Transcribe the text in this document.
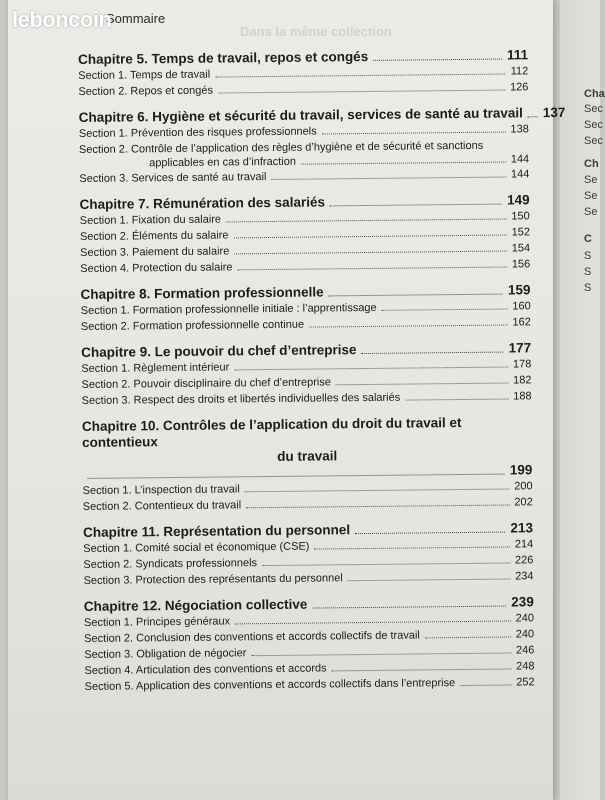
Cha
Sec
Sec
Sec
Ch
Se
Se
Se
C
S
S
S
Dans la même collection
Sommaire
leboncoin
Chapitre 5. Temps de travail, repos et congés	111
Section 1. Temps de travail	112
Section 2. Repos et congés	126
Chapitre 6. Hygiène et sécurité du travail, services de santé au travail 137
Section 1. Prévention des risques professionnels	138
Section 2. Contrôle de l’application des règles d’hygiène et de sécurité et sanctions
applicables en cas d’infraction	144
Section 3. Services de santé au travail	144
Chapitre 7. Rémunération des salariés	149
Section 1. Fixation du salaire	150
Section 2. Éléments du salaire	152
Section 3. Paiement du salaire	154
Section 4. Protection du salaire	156
Chapitre 8. Formation professionnelle	159
Section 1. Formation professionnelle initiale : l’apprentissage	160
Section 2. Formation professionnelle continue	162
Chapitre 9. Le pouvoir du chef d’entreprise	177
Section 1. Règlement intérieur	178
Section 2. Pouvoir disciplinaire du chef d’entreprise	182
Section 3. Respect des droits et libertés individuelles des salariés	188
Chapitre 10. Contrôles de l’application du droit du travail et contentieux
du travail
199
Section 1. L’inspection du travail	200
Section 2. Contentieux du travail	202
Chapitre 11. Représentation du personnel	213
Section 1. Comité social et économique (CSE)	214
Section 2. Syndicats professionnels	226
Section 3. Protection des représentants du personnel	234
Chapitre 12. Négociation collective	239
Section 1. Principes généraux	240
Section 2. Conclusion des conventions et accords collectifs de travail	240
Section 3. Obligation de négocier	246
Section 4. Articulation des conventions et accords	248
Section 5. Application des conventions et accords collectifs dans l’entreprise	252
